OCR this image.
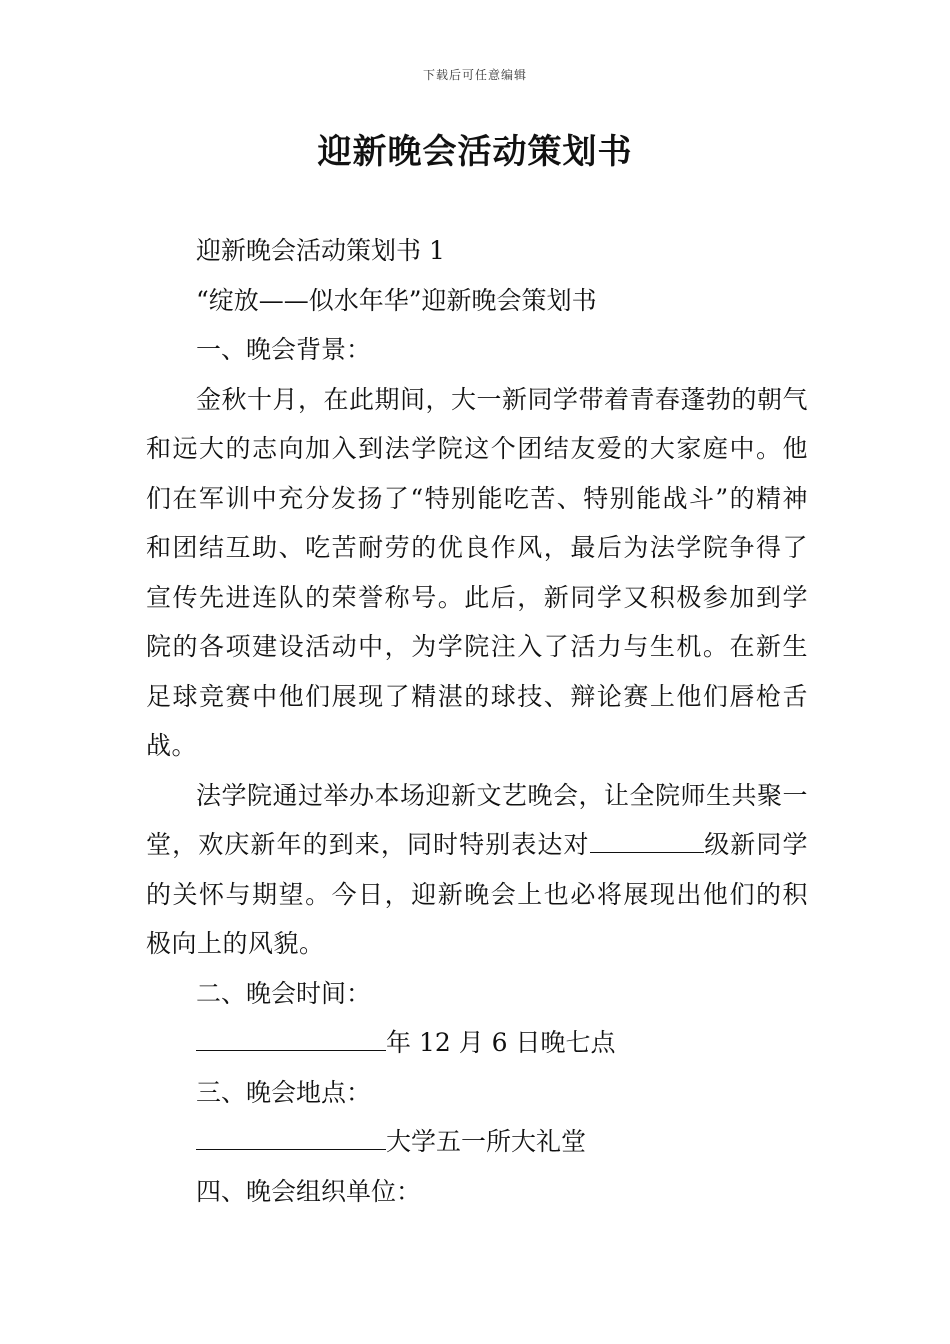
下载后可任意编辑
迎新晚会活动策划书

迎新晚会活动策划书 1

“绽放——似水年华”迎新晚会策划书

一、晚会背景：

金秋十月，在此期间，大一新同学带着青春蓬勃的朝气和远大的志向加入到法学院这个团结友爱的大家庭中。他们在军训中充分发扬了“特别能吃苦、特别能战斗”的精神和团结互助、吃苦耐劳的优良作风，最后为法学院争得了宣传先进连队的荣誉称号。此后，新同学又积极参加到学院的各项建设活动中，为学院注入了活力与生机。在新生足球竞赛中他们展现了精湛的球技、辩论赛上他们唇枪舌战。

法学院通过举办本场迎新文艺晚会，让全院师生共聚一堂，欢庆新年的到来，同时特别表达对	级新同学的关怀与期望。今日，迎新晚会上也必将展现出他们的积极向上的风貌。

二、晚会时间：

年 12 月 6 日晚七点

三、晚会地点：

大学五一所大礼堂

四、晚会组织单位：
